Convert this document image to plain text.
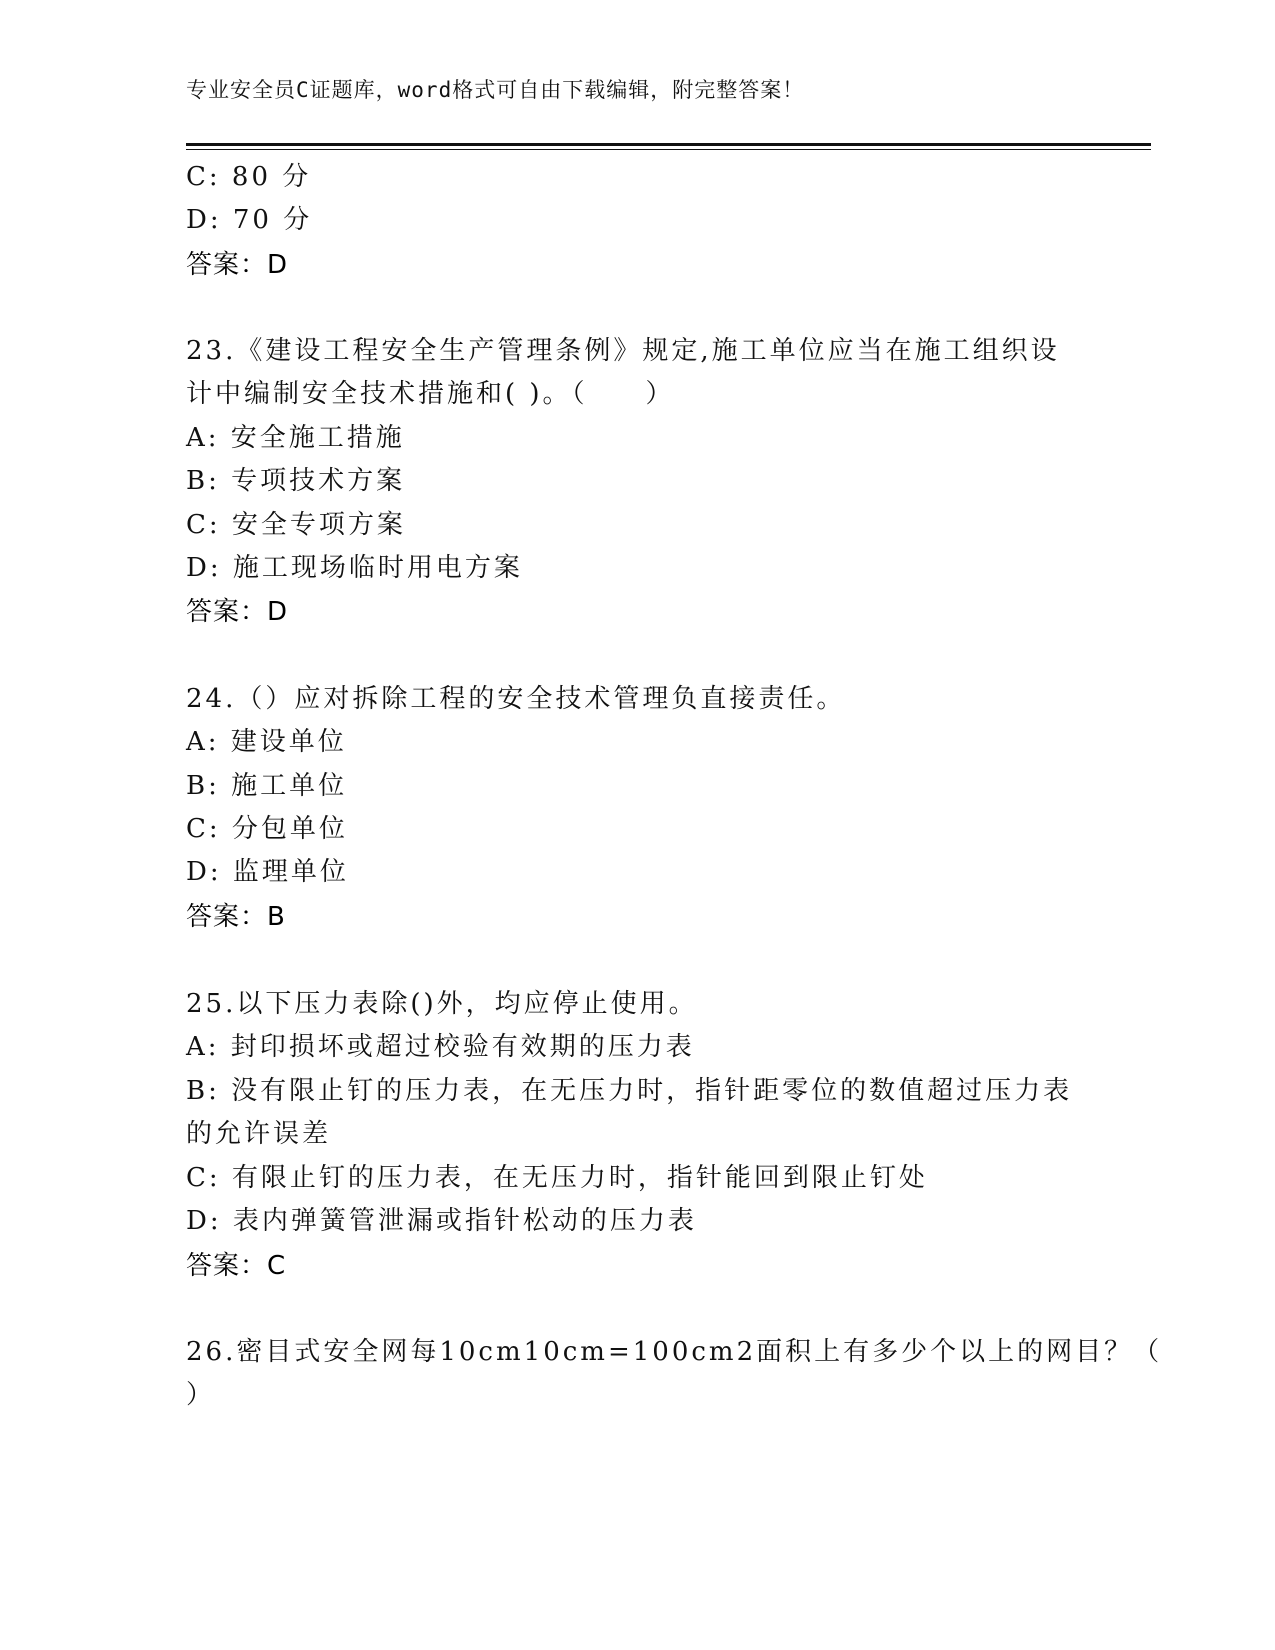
专业安全员C证题库，word格式可自由下载编辑，附完整答案！
C: 80 分
D: 70 分
答案：D
23.《建设工程安全生产管理条例》规定,施工单位应当在施工组织设
计中编制安全技术措施和( )。（　　）
A: 安全施工措施
B: 专项技术方案
C: 安全专项方案
D: 施工现场临时用电方案
答案：D
24.（）应对拆除工程的安全技术管理负直接责任。
A: 建设单位
B: 施工单位
C: 分包单位
D: 监理单位
答案：B
25.以下压力表除()外，均应停止使用。
A: 封印损坏或超过校验有效期的压力表
B: 没有限止钉的压力表，在无压力时，指针距零位的数值超过压力表
的允许误差
C: 有限止钉的压力表，在无压力时，指针能回到限止钉处
D: 表内弹簧管泄漏或指针松动的压力表
答案：C
26.密目式安全网每10cm10cm=100cm2面积上有多少个以上的网目？（
）
